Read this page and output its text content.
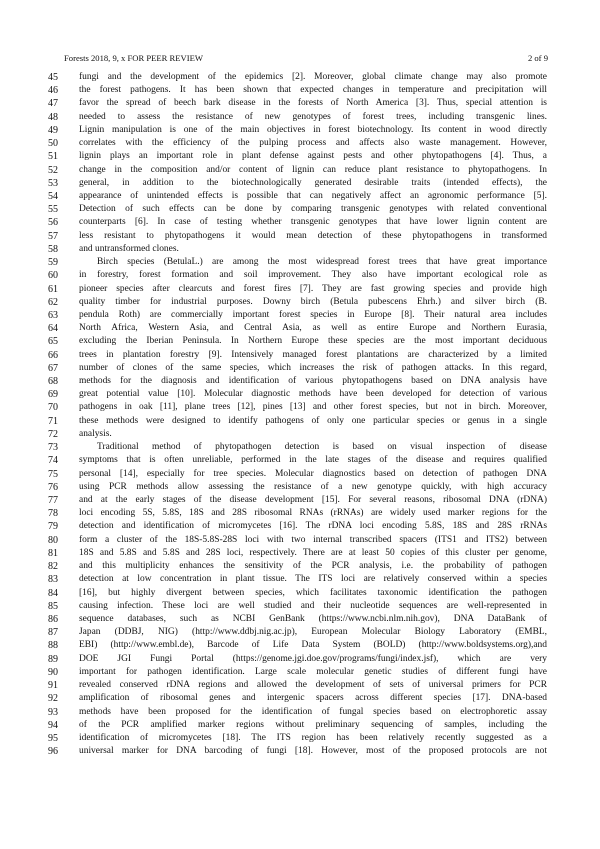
Forests 2018, 9, x FOR PEER REVIEW	2 of 9
45 fungi and the development of the epidemics [2]. Moreover, global climate change may also promote
46 the forest pathogens. It has been shown that expected changes in temperature and precipitation will
47 favor the spread of beech bark disease in the forests of North America [3]. Thus, special attention is
48 needed to assess the resistance of new genotypes of forest trees, including transgenic lines.
49 Lignin manipulation is one of the main objectives in forest biotechnology. Its content in wood directly
50 correlates with the efficiency of the pulping process and affects also waste management. However,
51 lignin plays an important role in plant defense against pests and other phytopathogens [4]. Thus, a
52 change in the composition and/or content of lignin can reduce plant resistance to phytopathogens. In
53 general, in addition to the biotechnologically generated desirable traits (intended effects), the
54 appearance of unintended effects is possible that can negatively affect an agronomic performance [5].
55 Detection of such effects can be done by comparing transgenic genotypes with related conventional
56 counterparts [6]. In case of testing whether transgenic genotypes that have lower lignin content are
57 less resistant to phytopathogens it would mean detection of these phytopathogens in transformed
58 and untransformed clones.
59	Birch species (BetulaL.) are among the most widespread forest trees that have great importance
60 in forestry, forest formation and soil improvement. They also have important ecological role as
61 pioneer species after clearcuts and forest fires [7]. They are fast growing species and provide high
62 quality timber for industrial purposes. Downy birch (Betula pubescens Ehrh.) and silver birch (B.
63 pendula Roth) are commercially important forest species in Europe [8]. Their natural area includes
64 North Africa, Western Asia, and Central Asia, as well as entire Europe and Northern Eurasia,
65 excluding the Iberian Peninsula. In Northern Europe these species are the most important deciduous
66 trees in plantation forestry [9]. Intensively managed forest plantations are characterized by a limited
67 number of clones of the same species, which increases the risk of pathogen attacks. In this regard,
68 methods for the diagnosis and identification of various phytopathogens based on DNA analysis have
69 great potential value [10]. Molecular diagnostic methods have been developed for detection of various
70 pathogens in oak [11], plane trees [12], pines [13] and other forest species, but not in birch. Moreover,
71 these methods were designed to identify pathogens of only one particular species or genus in a single
72 analysis.
73	Traditional method of phytopathogen detection is based on visual inspection of disease
74 symptoms that is often unreliable, performed in the late stages of the disease and requires qualified
75 personal [14], especially for tree species. Molecular diagnostics based on detection of pathogen DNA
76 using PCR methods allow assessing the resistance of a new genotype quickly, with high accuracy
77 and at the early stages of the disease development [15]. For several reasons, ribosomal DNA (rDNA)
78 loci encoding 5S, 5.8S, 18S and 28S ribosomal RNAs (rRNAs) are widely used marker regions for the
79 detection and identification of micromycetes [16]. The rDNA loci encoding 5.8S, 18S and 28S rRNAs
80 form a cluster of the 18S-5.8S-28S loci with two internal transcribed spacers (ITS1 and ITS2) between
81 18S and 5.8S and 5.8S and 28S loci, respectively. There are at least 50 copies of this cluster per genome,
82 and this multiplicity enhances the sensitivity of the PCR analysis, i.e. the probability of pathogen
83 detection at low concentration in plant tissue. The ITS loci are relatively conserved within a species
84 [16], but highly divergent between species, which facilitates taxonomic identification the pathogen
85 causing infection. These loci are well studied and their nucleotide sequences are well-represented in
86 sequence databases, such as NCBI GenBank (https://www.ncbi.nlm.nih.gov), DNA DataBank of
87 Japan (DDBJ, NIG) (http://www.ddbj.nig.ac.jp), European Molecular Biology Laboratory (EMBL,
88 EBI) (http://www.embl.de), Barcode of Life Data System (BOLD) (http://www.boldsystems.org),and
89 DOE JGI Fungi Portal (https://genome.jgi.doe.gov/programs/fungi/index.jsf), which are very
90 important for pathogen identification. Large scale molecular genetic studies of different fungi have
91 revealed conserved rDNA regions and allowed the development of sets of universal primers for PCR
92 amplification of ribosomal genes and intergenic spacers across different species [17]. DNA-based
93 methods have been proposed for the identification of fungal species based on electrophoretic assay
94 of the PCR amplified marker regions without preliminary sequencing of samples, including the
95 identification of micromycetes [18]. The ITS region has been relatively recently suggested as a
96 universal marker for DNA barcoding of fungi [18]. However, most of the proposed protocols are not
